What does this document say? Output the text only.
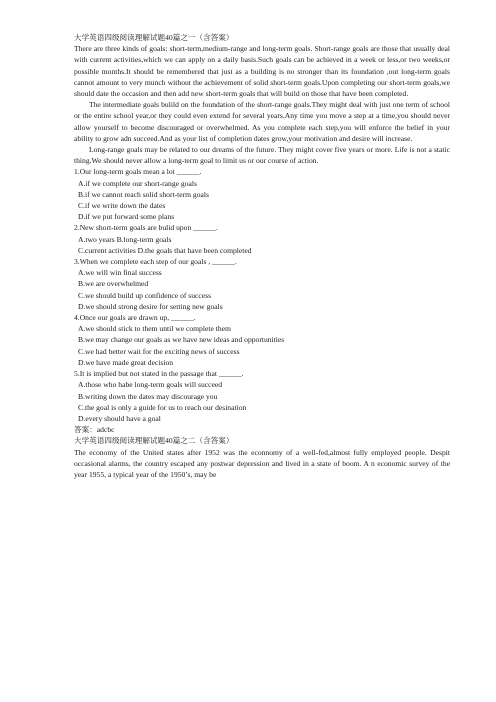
大学英语四级阅读理解试题40篇之一（含答案）

There are three kinds of goals: short-term,medium-range and long-term goals. Short-range goals are those that usually deal with current activities,which we can apply on a daily basis.Such goals can be achieved in a week or less,or two weeks,or possible months.It should be remembered that just as a building is no stronger than its foundation ,out long-term goals cannot amount to very munch without the achievement of solid short-term goals.Upon completing our short-term goals,we should date the occasion and then add new short-term goals that will build on those that have been completed.

The intermediate goals bulild on the foundation of the short-range goals.They might deal with just one term of school or the entire school year,or they could even extend for several years.Any time you move a step at a time,you should never allow yourself to become discouraged or overwhelmed. As you complete each step,you will enforce the belief in your ability to grow adn succeed.And as your list of completion dates grow,your motivation and desire will increase.

Long-range goals may be related to our dreams of the future. They might cover five years or more. Life is not a static thing.We should never allow a long-term goal to limit us or our course of action.

1.Our long-term goals mean a lot ______.

A.if we complete our short-range goals

B.if we cannot reach solid short-term goals

C.if we write down the dates

D.if we put forward some plans

2.New short-term goals are bulid upon ______.

A.two years B.long-term goals

C.current activities D.the goals that have been completed

3.When we complete each step of our goals , ______.

A.we will win final success

B.we are overwhelmed

C.we should build up confidence of success

D.we should strong desire for setting new goals

4.Once our goals are drawn up, ______.

A.we should stick to them until we complete them

B.we may change our goals as we have new ideas and opportunities

C.we had better wait for the exciting news of success

D.we have made great decision

5.It is implied but not stated in the passage that ______.

A.those who habe long-term goals will succeed

B.writing down the dates may discourage you

C.the goal is only a guide for us to reach our desination

D.every should have a goal

答案：adcbc

大学英语四级阅读理解试题40篇之二（含答案）

The economy of the United states after 1952 was the econnomy of a well-fed,almost fully employed people. Despit occasional alarms, the country escaped any postwar depression and lived in a state of boom. A n economic survey of the year 1955, a typical year of the 1950’s, may be
